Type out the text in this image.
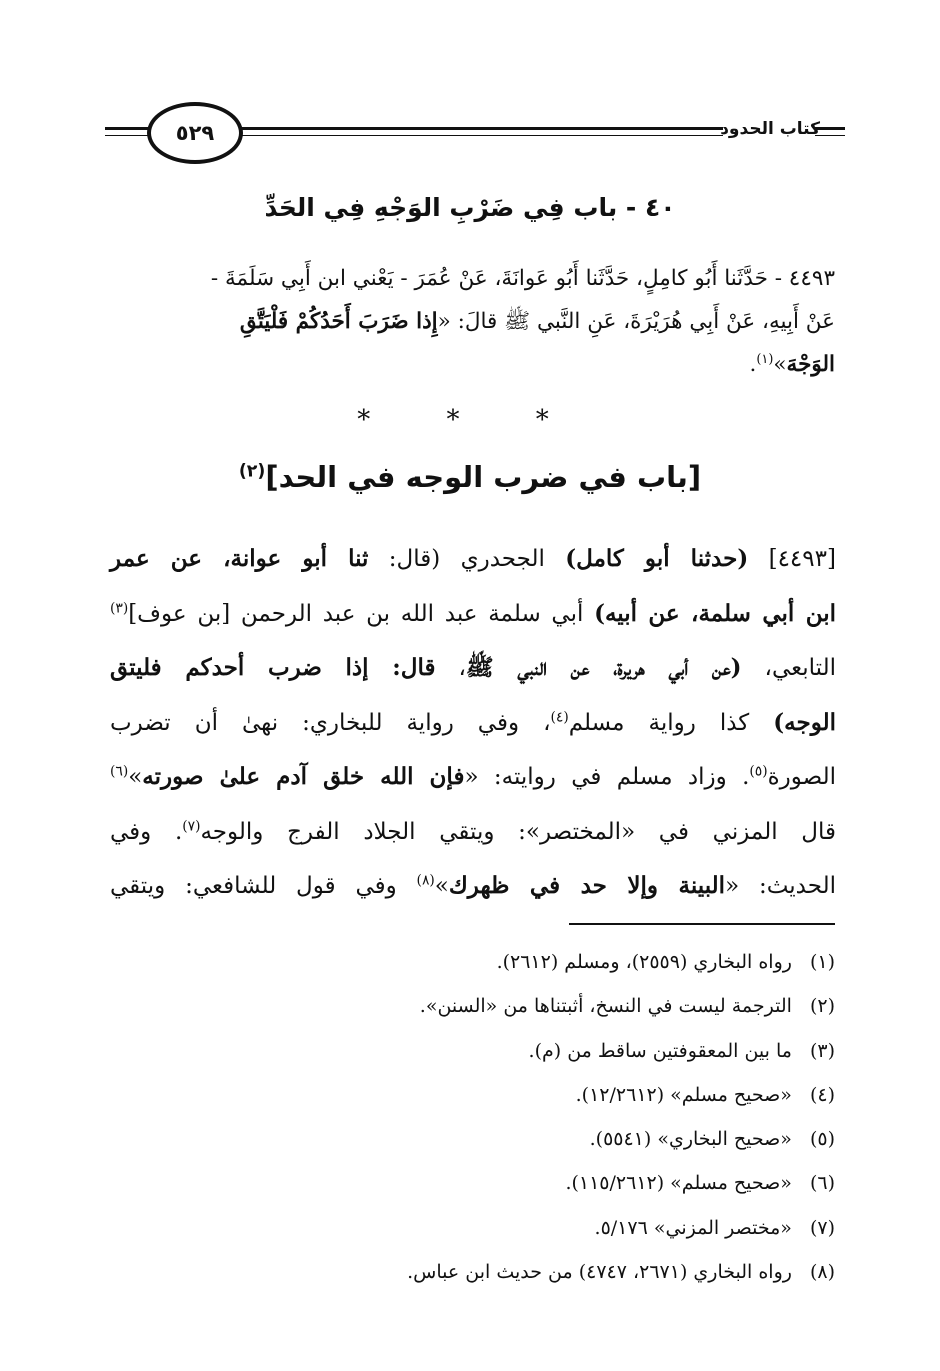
٥٢٩	كتاب الحدود
٤٠ - باب فِي ضَرْبِ الوَجْهِ فِي الحَدِّ
٤٤٩٣ - حَدَّثَنا أَبُو كامِلٍ، حَدَّثَنا أَبُو عَوانَةَ، عَنْ عُمَرَ - يَعْني ابن أَبِي سَلَمَةَ -
عَنْ أَبِيهِ، عَنْ أَبِي هُرَيْرَةَ، عَنِ النَّبي ﷺ قالَ: «إِذا ضَرَبَ أَحَدُكُمْ فَلْيَتَّقِ
الوَجْهَ»$^{(١)}$.
* * *
[باب في ضرب الوجه في الحد]$^{(٢)}$
[٤٤٩٣] (حدثنا أبو كامل) الجحدري (قال: ثنا أبو عوانة، عن عمر
ابن أبي سلمة، عن أبيه) أبي سلمة عبد الله بن عبد الرحمن [بن عوف]$^{(٣)}$
التابعي، (عن أبي هريرة، عن النبي ﷺ، قال: إذا ضرب أحدكم فليتق
الوجه) كذا رواية مسلم$^{(٤)}$، وفي رواية للبخاري: نهىٰ أن تضرب
الصورة$^{(٥)}$. وزاد مسلم في روايته: «فإن الله خلق آدم علىٰ صورته»$^{(٦)}$
قال المزني في «المختصر»: ويتقي الجلاد الفرج والوجه$^{(٧)}$. وفي
الحديث: «البينة وإلا حد في ظهرك»$^{(٨)}$ وفي قول للشافعي: ويتقي
(١)رواه البخاري (٢٥٥٩)، ومسلم (٢٦١٢).
(٢)الترجمة ليست في النسخ، أثبتناها من «السنن».
(٣)ما بين المعقوفتين ساقط من (م).
(٤)«صحيح مسلم» (١٢/٢٦١٢).
(٥)«صحيح البخاري» (٥٥٤١).
(٦)«صحيح مسلم» (١١٥/٢٦١٢).
(٧)«مختصر المزني» ٥/١٧٦.
(٨)رواه البخاري (٢٦٧١، ٤٧٤٧) من حديث ابن عباس.
